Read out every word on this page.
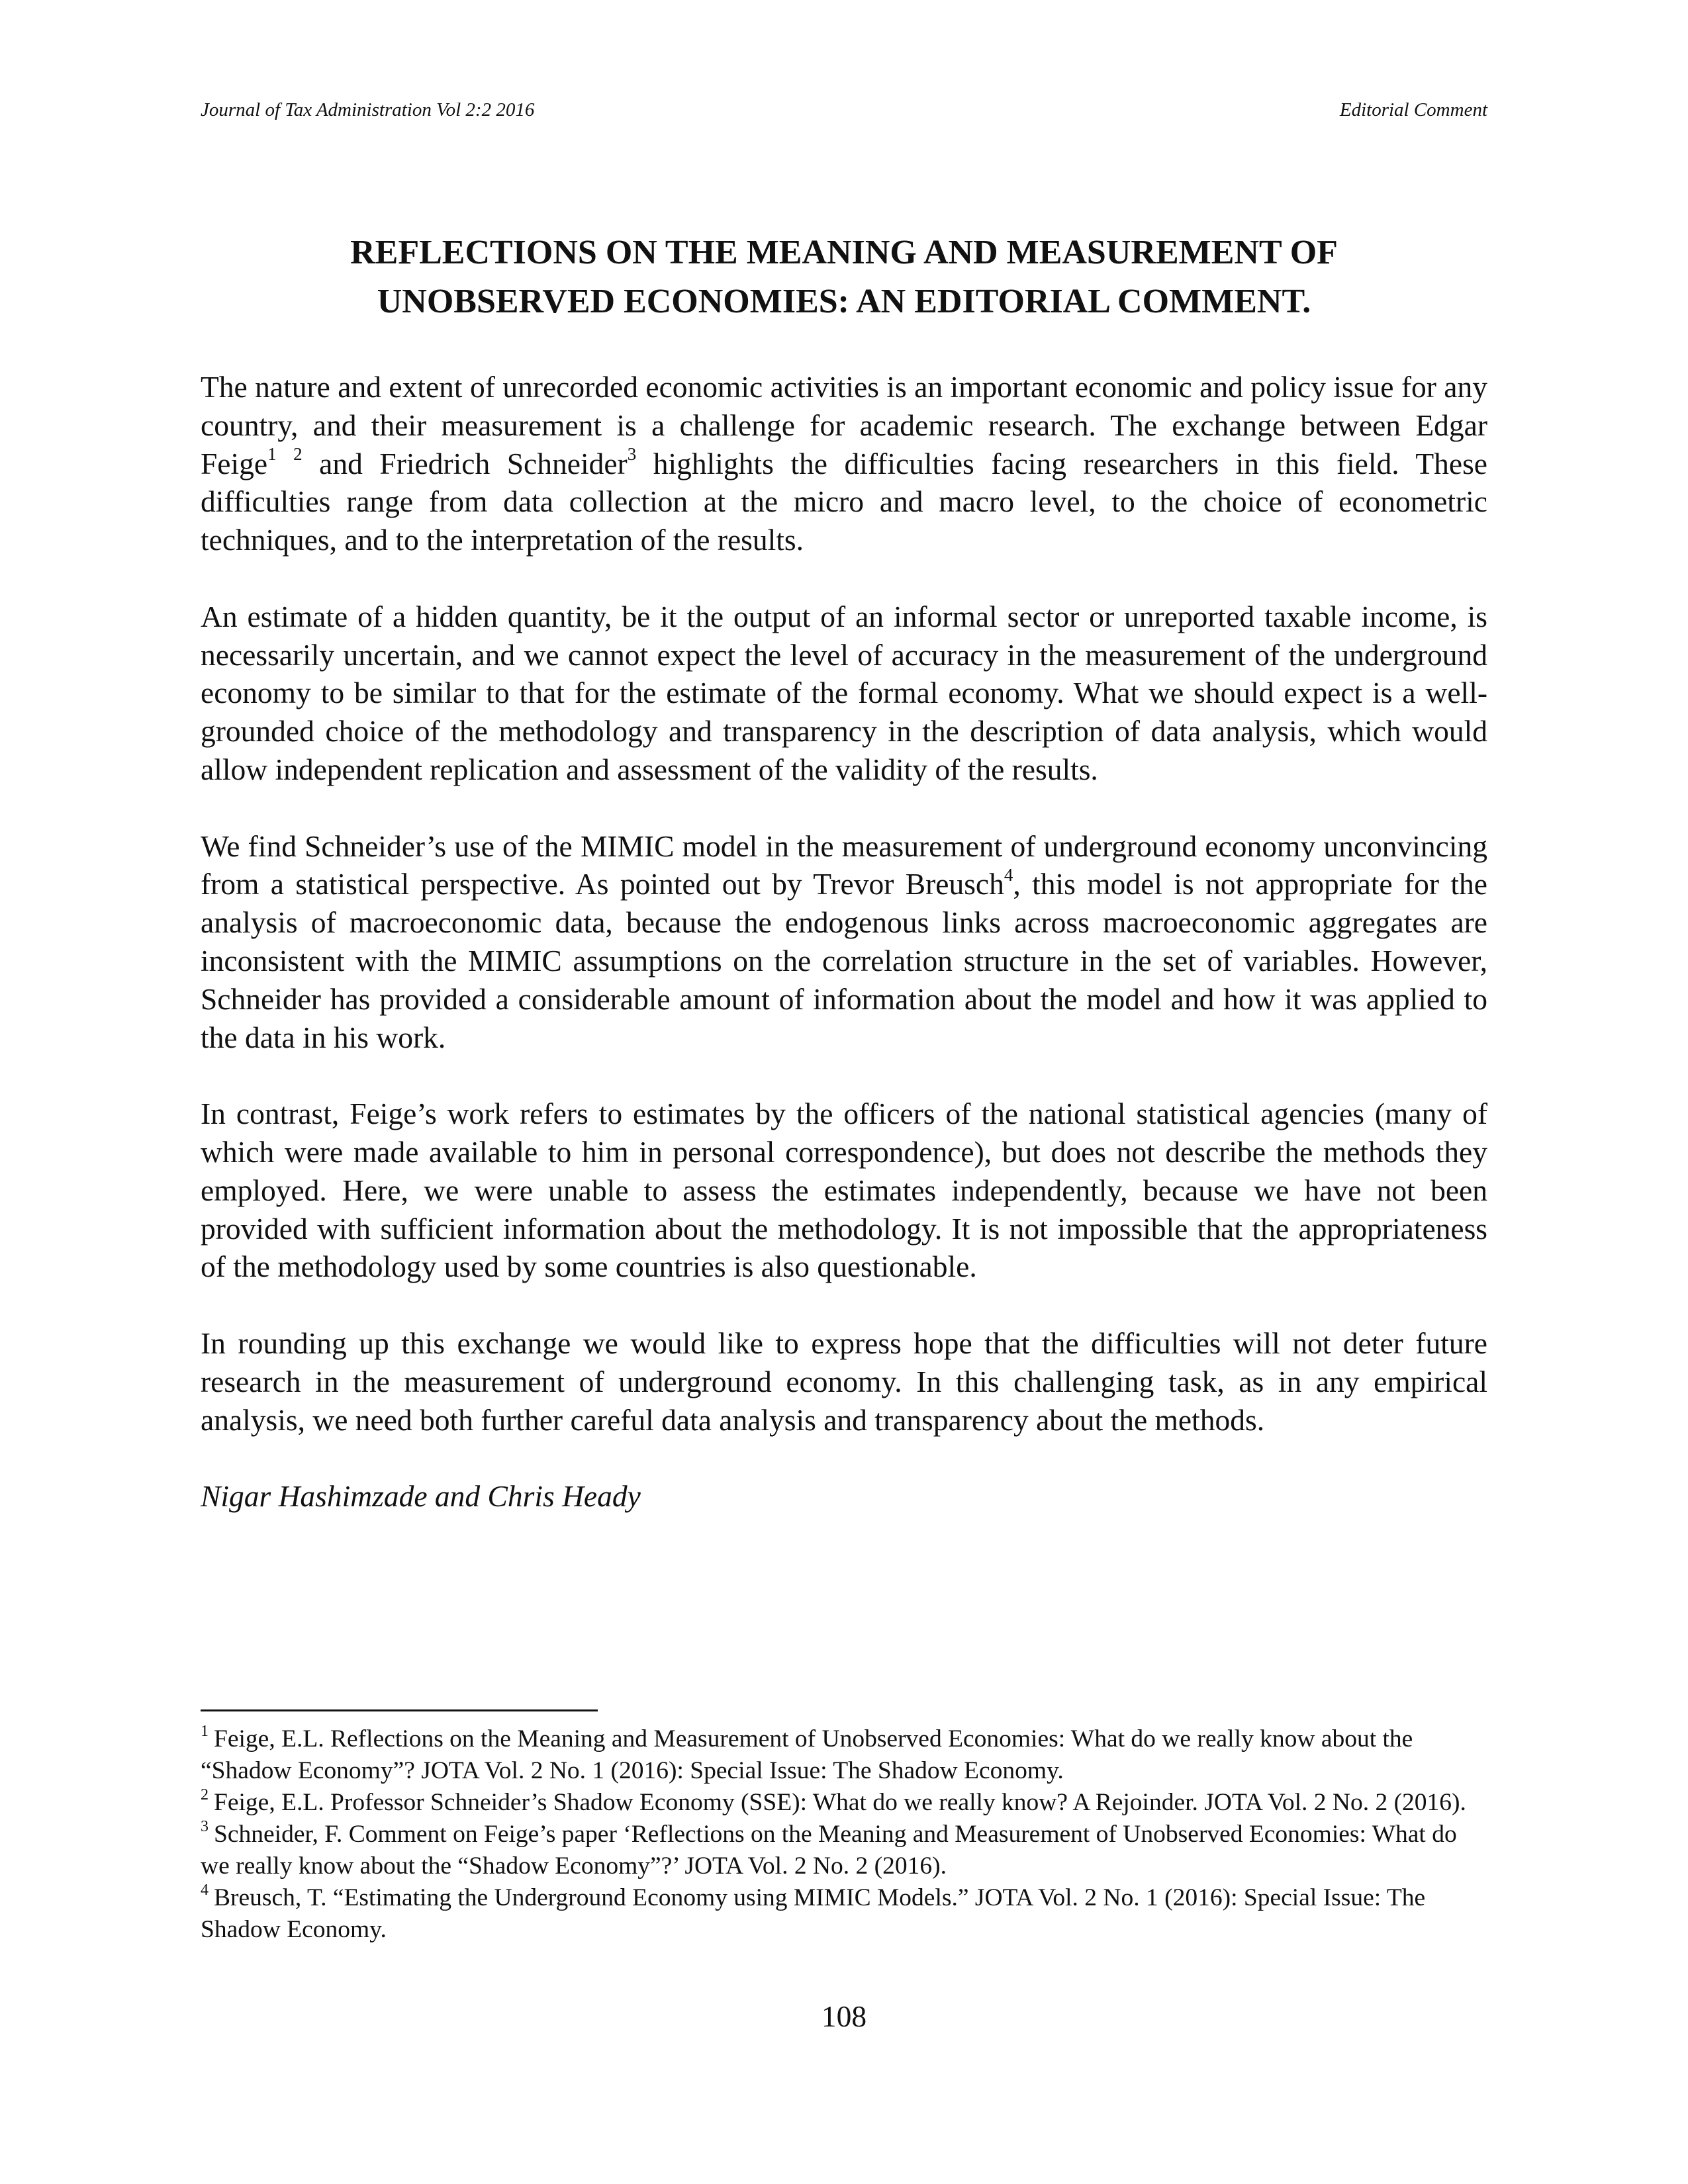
Journal of Tax Administration Vol 2:2 2016	Editorial Comment
REFLECTIONS ON THE MEANING AND MEASUREMENT OF
UNOBSERVED ECONOMIES: AN EDITORIAL COMMENT.

The nature and extent of unrecorded economic activities is an important economic and policy issue for any country, and their measurement is a challenge for academic research. The exchange between Edgar Feige$^1$ $^2$ and Friedrich Schneider$^3$ highlights the difficulties facing researchers in this field. These difficulties range from data collection at the micro and macro level, to the choice of econometric techniques, and to the interpretation of the results.

An estimate of a hidden quantity, be it the output of an informal sector or unreported taxable income, is necessarily uncertain, and we cannot expect the level of accuracy in the measurement of the underground economy to be similar to that for the estimate of the formal economy. What we should expect is a well-grounded choice of the methodology and transparency in the description of data analysis, which would allow independent replication and assessment of the validity of the results.

We find Schneider’s use of the MIMIC model in the measurement of underground economy unconvincing from a statistical perspective. As pointed out by Trevor Breusch$^4$, this model is not appropriate for the analysis of macroeconomic data, because the endogenous links across macroeconomic aggregates are inconsistent with the MIMIC assumptions on the correlation structure in the set of variables. However, Schneider has provided a considerable amount of information about the model and how it was applied to the data in his work.

In contrast, Feige’s work refers to estimates by the officers of the national statistical agencies (many of which were made available to him in personal correspondence), but does not describe the methods they employed. Here, we were unable to assess the estimates independently, because we have not been provided with sufficient information about the methodology. It is not impossible that the appropriateness of the methodology used by some countries is also questionable.

In rounding up this exchange we would like to express hope that the difficulties will not deter future research in the measurement of underground economy. In this challenging task, as in any empirical analysis, we need both further careful data analysis and transparency about the methods.

Nigar Hashimzade and Chris Heady

$^1$ Feige, E.L. Reflections on the Meaning and Measurement of Unobserved Economies: What do we really know about the “Shadow Economy”? JOTA Vol. 2 No. 1 (2016): Special Issue: The Shadow Economy.

$^2$ Feige, E.L. Professor Schneider’s Shadow Economy (SSE): What do we really know? A Rejoinder. JOTA Vol. 2 No. 2 (2016).

$^3$ Schneider, F. Comment on Feige’s paper ‘Reflections on the Meaning and Measurement of Unobserved Economies: What do we really know about the “Shadow Economy”?’ JOTA Vol. 2 No. 2 (2016).

$^4$ Breusch, T. “Estimating the Underground Economy using MIMIC Models.” JOTA Vol. 2 No. 1 (2016): Special Issue: The Shadow Economy.

108
